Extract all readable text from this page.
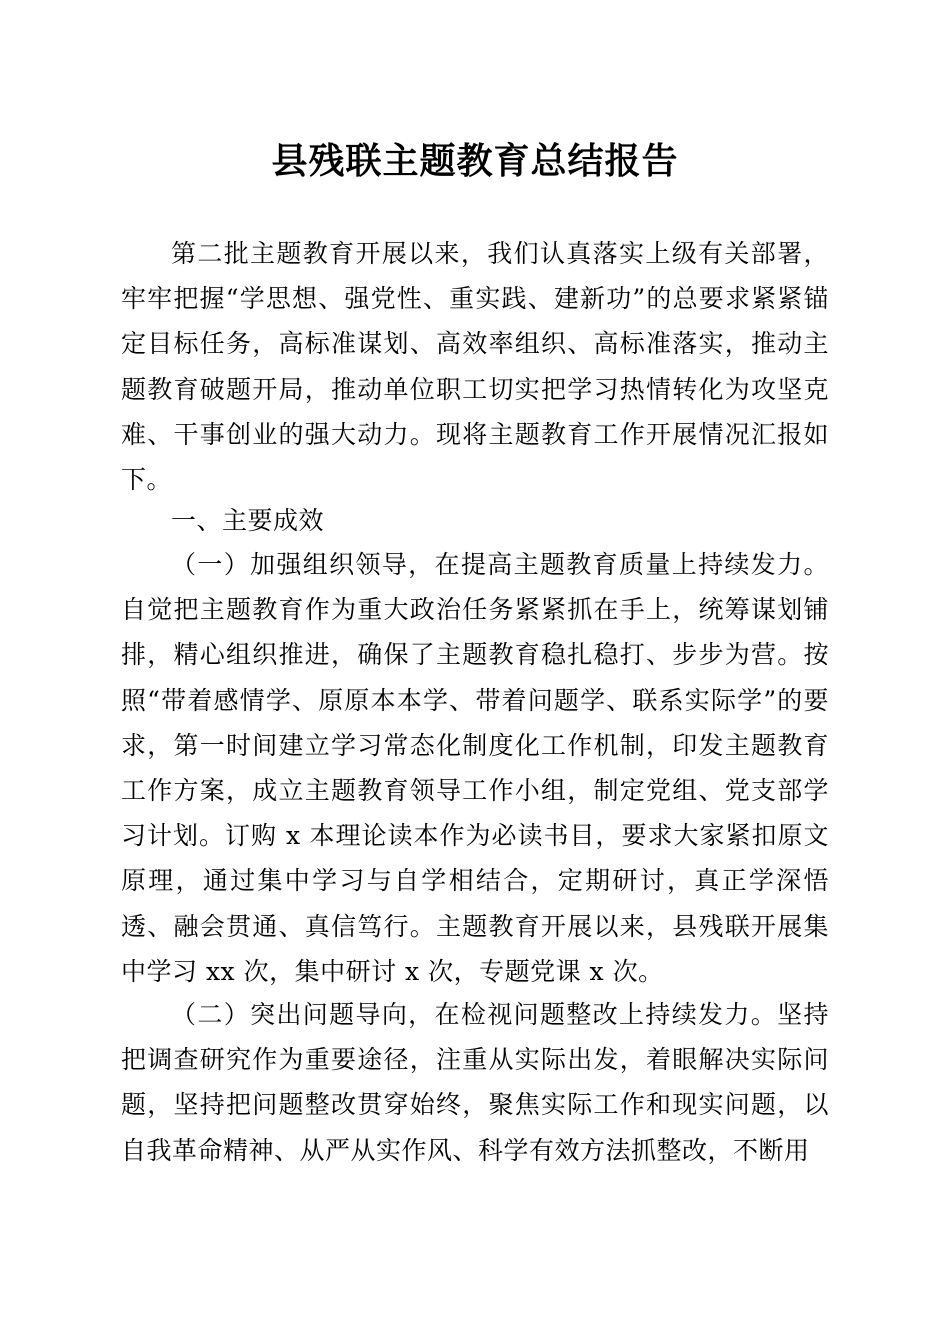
县残联主题教育总结报告

第二批主题教育开展以来，我们认真落实上级有关部署，牢牢把握“学思想、强党性、重实践、建新功”的总要求紧紧锚定目标任务，高标准谋划、高效率组织、高标准落实，推动主题教育破题开局，推动单位职工切实把学习热情转化为攻坚克难、干事创业的强大动力。现将主题教育工作开展情况汇报如下。

一、主要成效

（一）加强组织领导，在提高主题教育质量上持续发力。自觉把主题教育作为重大政治任务紧紧抓在手上，统筹谋划铺排，精心组织推进，确保了主题教育稳扎稳打、步步为营。按照“带着感情学、原原本本学、带着问题学、联系实际学”的要求，第一时间建立学习常态化制度化工作机制，印发主题教育工作方案，成立主题教育领导工作小组，制定党组、党支部学习计划。订购 x 本理论读本作为必读书目，要求大家紧扣原文原理，通过集中学习与自学相结合，定期研讨，真正学深悟透、融会贯通、真信笃行。主题教育开展以来，县残联开展集中学习 xx 次，集中研讨 x 次，专题党课 x 次。

（二）突出问题导向，在检视问题整改上持续发力。坚持把调查研究作为重要途径，注重从实际出发，着眼解决实际问题，坚持把问题整改贯穿始终，聚焦实际工作和现实问题，以自我革命精神、从严从实作风、科学有效方法抓整改，不断用
